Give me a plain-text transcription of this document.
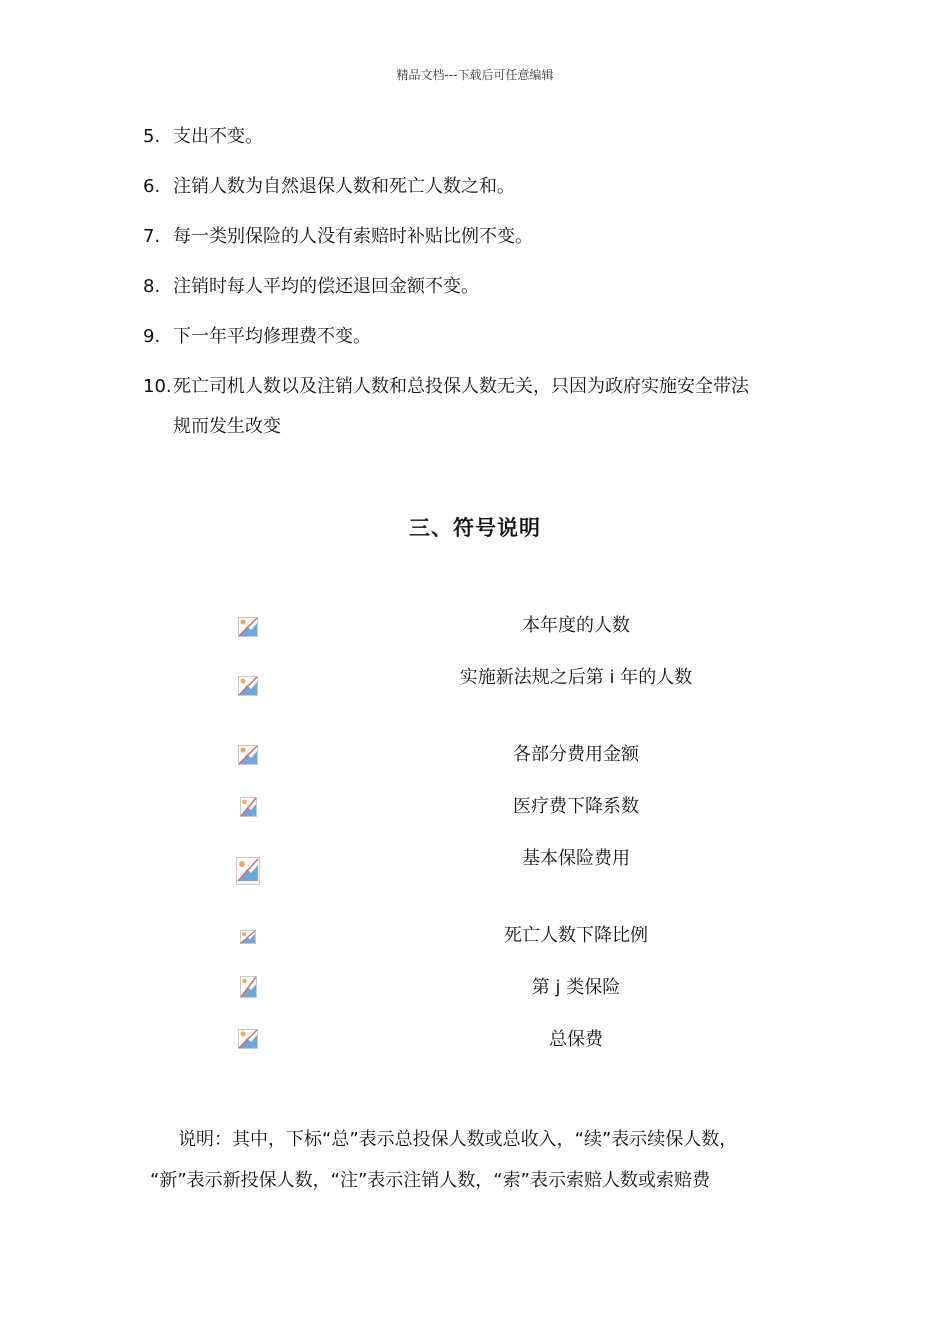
精品文档---下载后可任意编辑
5. 支出不变。
6. 注销人数为自然退保人数和死亡人数之和。
7. 每一类别保险的人没有索赔时补贴比例不变。
8. 注销时每人平均的偿还退回金额不变。
9. 下一年平均修理费不变。
10.死亡司机人数以及注销人数和总投保人数无关，只因为政府实施安全带法
规而发生改变
三、符号说明
本年度的人数
实施新法规之后第 i 年的人数
各部分费用金额
医疗费下降系数
基本保险费用
死亡人数下降比例
第 j 类保险
总保费
说明：其中，下标“总”表示总投保人数或总收入，“续”表示续保人数，
“新”表示新投保人数，“注”表示注销人数，“索”表示索赔人数或索赔费
